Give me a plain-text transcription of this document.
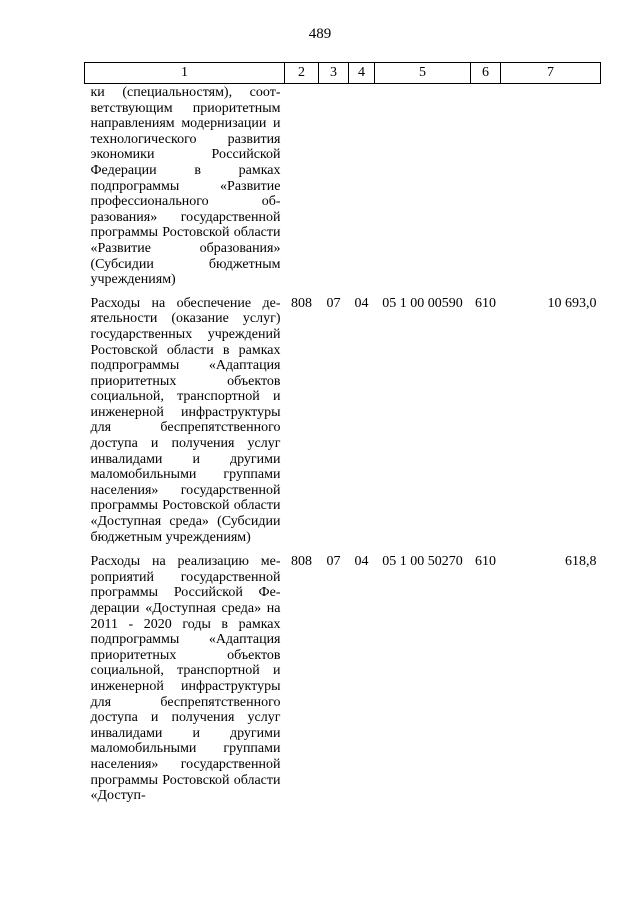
489
1	2	3	4	5	6	7
ки (специальностям), соответствующим приоритетным направлениям модернизации и технологического развития экономики Российской Федерации в рамках подпрограммы «Развитие профессионального образования» государственной программы Ростовской области «Развитие образования» (Субсидии бюджетным учреждениям)						
Расходы на обеспечение деятельности (оказание услуг) государственных учреждений Ростовской области в рамках подпрограммы «Адаптация приоритетных объектов социальной, транспортной и инженерной инфраструктуры для беспрепятственного доступа и получения услуг инвалидами и другими маломобильными группами населения» государственной программы Ростовской области «Доступная среда» (Субсидии бюджетным учреждениям)	808	07	04	05 1 00 00590	610	10 693,0
Расходы на реализацию мероприятий государственной программы Российской Федерации «Доступная среда» на 2011 - 2020 годы в рамках подпрограммы «Адаптация приоритетных объектов социальной, транспортной и инженерной инфраструктуры для беспрепятственного доступа и получения услуг инвалидами и другими маломобильными группами населения» государственной программы Ростовской области «Доступ-	808	07	04	05 1 00 50270	610	618,8
